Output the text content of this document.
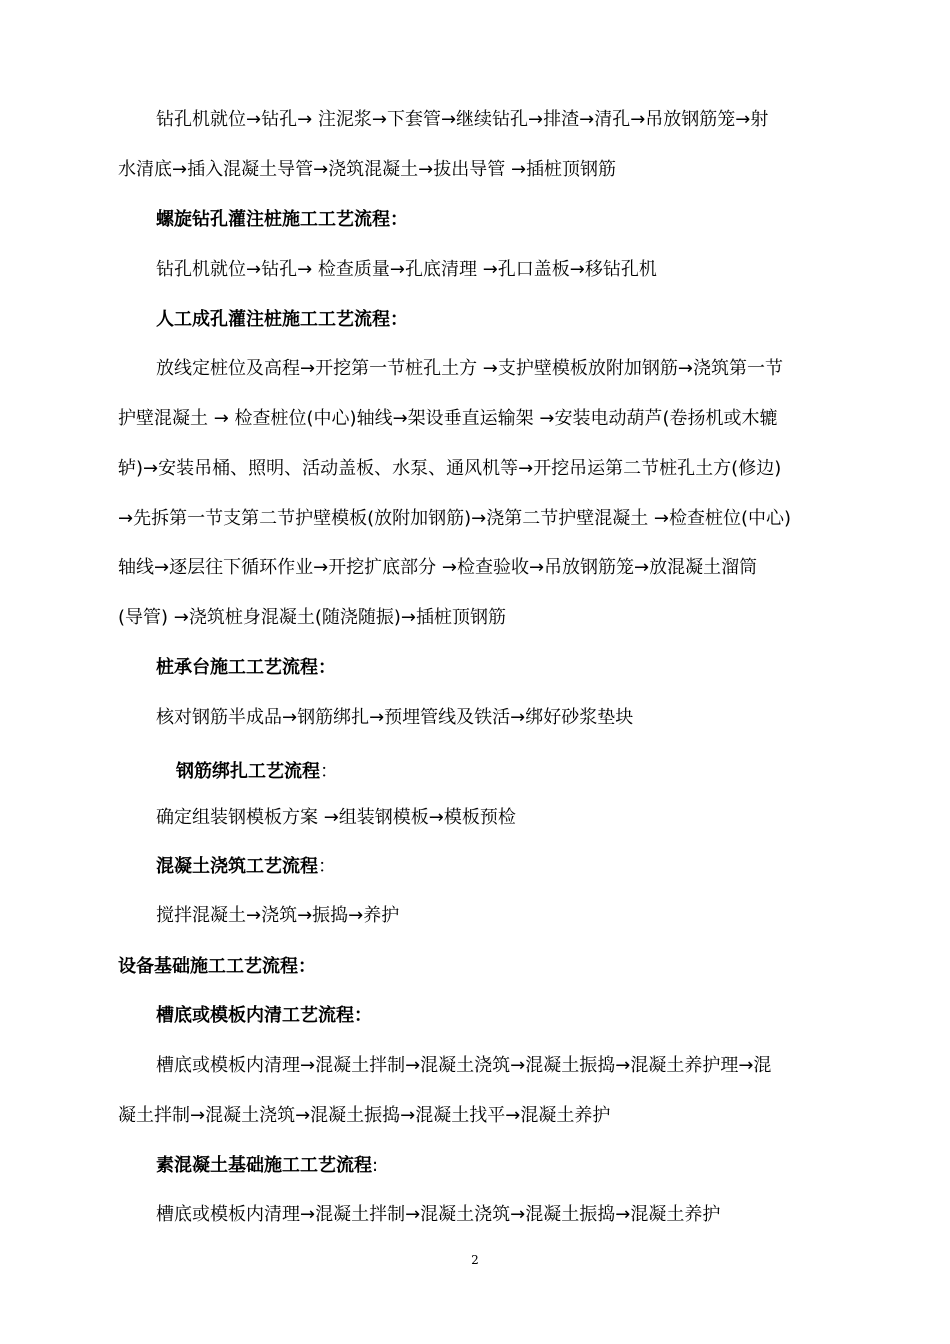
钻孔机就位→钻孔→ 注泥浆→下套管→继续钻孔→排渣→清孔→吊放钢筋笼→射
水清底→插入混凝土导管→浇筑混凝土→拔出导管 →插桩顶钢筋
螺旋钻孔灌注桩施工工艺流程：
钻孔机就位→钻孔→ 检查质量→孔底清理 →孔口盖板→移钻孔机
人工成孔灌注桩施工工艺流程：
放线定桩位及高程→开挖第一节桩孔土方 →支护壁模板放附加钢筋→浇筑第一节
护壁混凝土 → 检查桩位(中心)轴线→架设垂直运输架 →安装电动葫芦(卷扬机或木辘
轳)→安装吊桶、照明、活动盖板、水泵、通风机等→开挖吊运第二节桩孔土方(修边)
→先拆第一节支第二节护壁模板(放附加钢筋)→浇第二节护壁混凝土 →检查桩位(中心)
轴线→逐层往下循环作业→开挖扩底部分 →检查验收→吊放钢筋笼→放混凝土溜筒
(导管) →浇筑桩身混凝土(随浇随振)→插桩顶钢筋
桩承台施工工艺流程：
核对钢筋半成品→钢筋绑扎→预埋管线及铁活→绑好砂浆垫块
钢筋绑扎工艺流程：
确定组装钢模板方案 →组装钢模板→模板预检
混凝土浇筑工艺流程：
搅拌混凝土→浇筑→振捣→养护
设备基础施工工艺流程：
槽底或模板内清工艺流程：
槽底或模板内清理→混凝土拌制→混凝土浇筑→混凝土振捣→混凝土养护理→混
凝土拌制→混凝土浇筑→混凝土振捣→混凝土找平→混凝土养护
素混凝土基础施工工艺流程:
槽底或模板内清理→混凝土拌制→混凝土浇筑→混凝土振捣→混凝土养护
2
